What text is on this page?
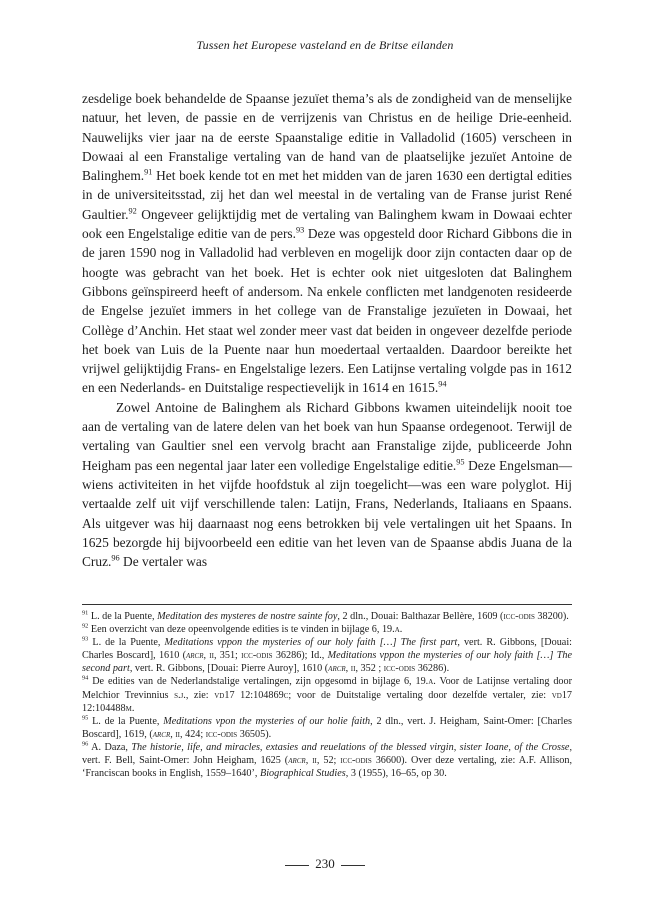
Tussen het Europese vasteland en de Britse eilanden

zesdelige boek behandelde de Spaanse jezuïet thema’s als de zondigheid van de menselijke natuur, het leven, de passie en de verrijzenis van Christus en de heilige Drie-eenheid. Nauwelijks vier jaar na de eerste Spaanstalige editie in Valladolid (1605) verscheen in Dowaai al een Franstalige vertaling van de hand van de plaatselijke jezuïet Antoine de Balinghem.$^{91}$ Het boek kende tot en met het midden van de jaren 1630 een dertigtal edities in de universiteitsstad, zij het dan wel meestal in de vertaling van de Franse jurist René Gaultier.$^{92}$ Ongeveer gelijktijdig met de vertaling van Balinghem kwam in Dowaai echter ook een Engelstalige editie van de pers.$^{93}$ Deze was opgesteld door Richard Gibbons die in de jaren 1590 nog in Valladolid had verbleven en mogelijk door zijn contacten daar op de hoogte was gebracht van het boek. Het is echter ook niet uitgesloten dat Balinghem Gibbons geïnspireerd heeft of andersom. Na enkele conflicten met landgenoten resideerde de Engelse jezuïet immers in het college van de Franstalige jezuïeten in Dowaai, het Collège d’Anchin. Het staat wel zonder meer vast dat beiden in ongeveer dezelfde periode het boek van Luis de la Puente naar hun moedertaal vertaalden. Daardoor bereikte het vrijwel gelijktijdig Frans- en Engelstalige lezers. Een Latijnse vertaling volgde pas in 1612 en een Nederlands- en Duitstalige respectievelijk in 1614 en 1615.94

Zowel Antoine de Balinghem als Richard Gibbons kwamen uiteindelijk nooit toe aan de vertaling van de latere delen van het boek van hun Spaanse ordegenoot. Terwijl de vertaling van Gaultier snel een vervolg bracht aan Franstalige zijde, publiceerde John Heigham pas een negental jaar later een volledige Engelstalige editie.$^{95}$ Deze Engelsman—wiens activiteiten in het vijfde hoofdstuk al zijn toegelicht—was een ware polyglot. Hij vertaalde zelf uit vijf verschillende talen: Latijn, Frans, Nederlands, Italiaans en Spaans. Als uitgever was hij daarnaast nog eens betrokken bij vele vertalingen uit het Spaans. In 1625 bezorgde hij bijvoorbeeld een editie van het leven van de Spaanse abdis Juana de la Cruz.$^{96}$ De vertaler was

$^{91}$ L. de la Puente, Meditation des mysteres de nostre sainte foy, 2 dln., Douai: Balthazar Bellère, 1609 (icc-odis 38200).

$^{92}$ Een overzicht van deze opeenvolgende edities is te vinden in bijlage 6, 19.a.

$^{93}$ L. de la Puente, Meditations vppon the mysteries of our holy faith […] The first part, vert. R. Gibbons, [Douai: Charles Boscard], 1610 (arcr, ii, 351; icc-odis 36286); Id., Meditations vppon the mysteries of our holy faith […] The second part, vert. R. Gibbons, [Douai: Pierre Auroy], 1610 (arcr, ii, 352 ; icc-odis 36286).

$^{94}$ De edities van de Nederlandstalige vertalingen, zijn opgesomd in bijlage 6, 19.a. Voor de Latijnse vertaling door Melchior Trevinnius s.j., zie: vd17 12:104869c; voor de Duitstalige vertaling door dezelfde vertaler, zie: vd17 12:104488m.

$^{95}$ L. de la Puente, Meditations vpon the mysteries of our holie faith, 2 dln., vert. J. Heigham, Saint-Omer: [Charles Boscard], 1619, (arcr, ii, 424; icc-odis 36505).

$^{96}$ A. Daza, The historie, life, and miracles, extasies and reuelations of the blessed virgin, sister Ioane, of the Crosse, vert. F. Bell, Saint-Omer: John Heigham, 1625 (arcr, ii, 52; icc-odis 36600). Over deze vertaling, zie: A.F. Allison, ‘Franciscan books in English, 1559–1640’, Biographical Studies, 3 (1955), 16–65, op 30.

230
